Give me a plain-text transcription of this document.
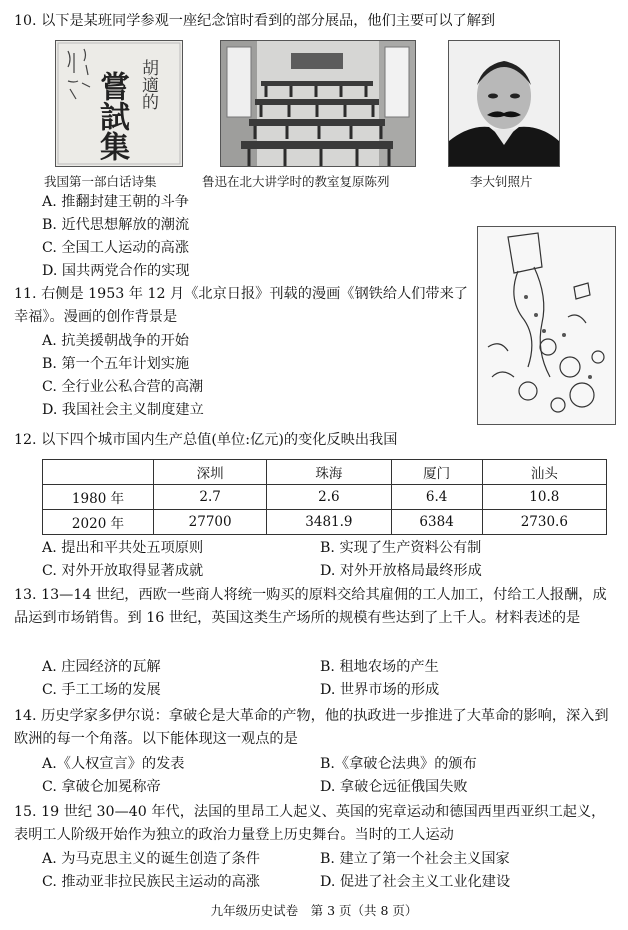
10. 以下是某班同学参观一座纪念馆时看到的部分展品，他们主要可以了解到
嘗試集 胡適的
我国第一部白话诗集	鲁迅在北大讲学时的教室复原陈列	李大钊照片
A. 推翻封建王朝的斗争
B. 近代思想解放的潮流
C. 全国工人运动的高涨
D. 国共两党合作的实现
11. 右侧是 1953 年 12 月《北京日报》刊载的漫画《钢铁给人们带来了幸福》。漫画的创作背景是
A. 抗美援朝战争的开始
B. 第一个五年计划实施
C. 全行业公私合营的高潮
D. 我国社会主义制度建立
12. 以下四个城市国内生产总值(单位:亿元)的变化反映出我国
	深圳	珠海	厦门	汕头
1980 年	2.7	2.6	6.4	10.8
2020 年	27700	3481.9	6384	2730.6
A. 提出和平共处五项原则	B. 实现了生产资料公有制
C. 对外开放取得显著成就	D. 对外开放格局最终形成
13. 13—14 世纪，西欧一些商人将统一购买的原料交给其雇佣的工人加工，付给工人报酬，成品运到市场销售。到 16 世纪，英国这类生产场所的规模有些达到了上千人。材料表述的是
A. 庄园经济的瓦解	B. 租地农场的产生
C. 手工工场的发展	D. 世界市场的形成
14. 历史学家多伊尔说：拿破仑是大革命的产物，他的执政进一步推进了大革命的影响，深入到欧洲的每一个角落。以下能体现这一观点的是
A.《人权宣言》的发表	B.《拿破仑法典》的颁布
C. 拿破仑加冕称帝	D. 拿破仑远征俄国失败
15. 19 世纪 30—40 年代，法国的里昂工人起义、英国的宪章运动和德国西里西亚织工起义，表明工人阶级开始作为独立的政治力量登上历史舞台。当时的工人运动
A. 为马克思主义的诞生创造了条件	B. 建立了第一个社会主义国家
C. 推动亚非拉民族民主运动的高涨	D. 促进了社会主义工业化建设
九年级历史试卷　第 3 页（共 8 页）
